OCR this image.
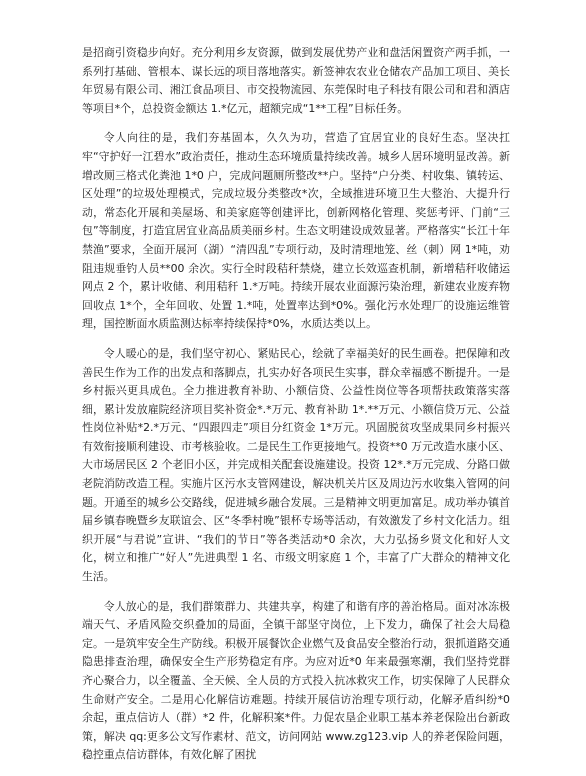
是招商引资稳步向好。充分利用乡友资源，做到发展优势产业和盘活闲置资产两手抓，一系列打基础、管根本、谋长远的项目落地落实。新签神农农业仓储农产品加工项目、美长年贸易有限公司、湘江食品项目、市交投物流园、东莞保时电子科技有限公司和君和酒店等项目*个，总投资金额达 1.*亿元，超额完成“1**工程”目标任务。

令人向往的是，我们夯基固本，久久为功，营造了宜居宜业的良好生态。坚决扛牢“守护好一江碧水”政治责任，推动生态环境质量持续改善。城乡人居环境明显改善。新增改厕三格式化粪池 1*0 户，完成问题厕所整改**户。坚持“户分类、村收集、镇转运、区处理”的垃圾处理模式，完成垃圾分类整改*次，全域推进环境卫生大整治、大提升行动，常态化开展和美屋场、和美家庭等创建评比，创新网格化管理、奖惩考评、门前“三包”等制度，打造宜居宜业高品质美丽乡村。生态文明建设成效显著。严格落实“长江十年禁渔”要求，全面开展河（湖）“清四乱”专项行动，及时清理地笼、丝（刺）网 1*吨，劝阻违规垂钓人员**00 余次。实行全时段秸秆禁烧，建立长效巡查机制，新增秸秆收储运网点 2 个，累计收储、利用秸秆 1.*万吨。持续开展农业面源污染治理，新建农业废弃物回收点 1*个，全年回收、处置 1.*吨，处置率达到*0%。强化污水处理厂的设施运维管理，国控断面水质监测达标率持续保持*0%，水质达类以上。

令人暖心的是，我们坚守初心、紧贴民心，绘就了幸福美好的民生画卷。把保障和改善民生作为工作的出发点和落脚点，扎实办好各项民生实事，群众幸福感不断提升。一是乡村振兴更具成色。全力推进教育补助、小额信贷、公益性岗位等各项帮扶政策落实落细，累计发放雇院经济项目奖补资金*.*万元、教育补助 1*.**万元、小额信贷万元、公益性岗位补贴*2.*万元、“四跟四走”项目分红资金 1*万元。巩固脱贫攻坚成果同乡村振兴有效衔接顺利建设、市考核验收。二是民生工作更接地气。投资**0 万元改造水康小区、大市场居民区 2 个老旧小区，并完成相关配套设施建设。投资 12*.*万元完成、分路口做老院消防改造工程。实施片区污水支管网建设，解决机关片区及周边污水收集入管网的问题。开通至的城乡公交路线，促进城乡融合发展。三是精神文明更加富足。成功举办镇首届乡镇春晚暨乡友联谊会、区“冬季村晚”银杯专场等活动，有效激发了乡村文化活力。组织开展“与君说”宣讲、“我们的节日”等各类活动*0 余次，大力弘扬乡贤文化和好人文化，树立和推广“好人”先进典型 1 名、市级文明家庭 1 个，丰富了广大群众的精神文化生活。

令人放心的是，我们群策群力、共建共享，构建了和谐有序的善治格局。面对冰冻极端天气、矛盾风险交织叠加的局面，全镇干部坚守岗位，上下发力，确保了社会大局稳定。一是筑牢安全生产防线。积极开展餐饮企业燃气及食品安全整治行动，狠抓道路交通隐患排查治理，确保安全生产形势稳定有序。为应对近*0 年来最强寒潮，我们坚持党群齐心聚合力，以全覆盖、全天候、全人员的方式投入抗冰救灾工作，切实保障了人民群众生命财产安全。二是用心化解信访难题。持续开展信访治理专项行动，化解矛盾纠纷*0 余起，重点信访人（群）*2 件，化解积案*件。力促农垦企业职工基本养老保险出台新政策，解决 qq:更多公文写作素材、范文，访问网站 www.zg123.vip 人的养老保险问题，稳控重点信访群体，有效化解了困扰
